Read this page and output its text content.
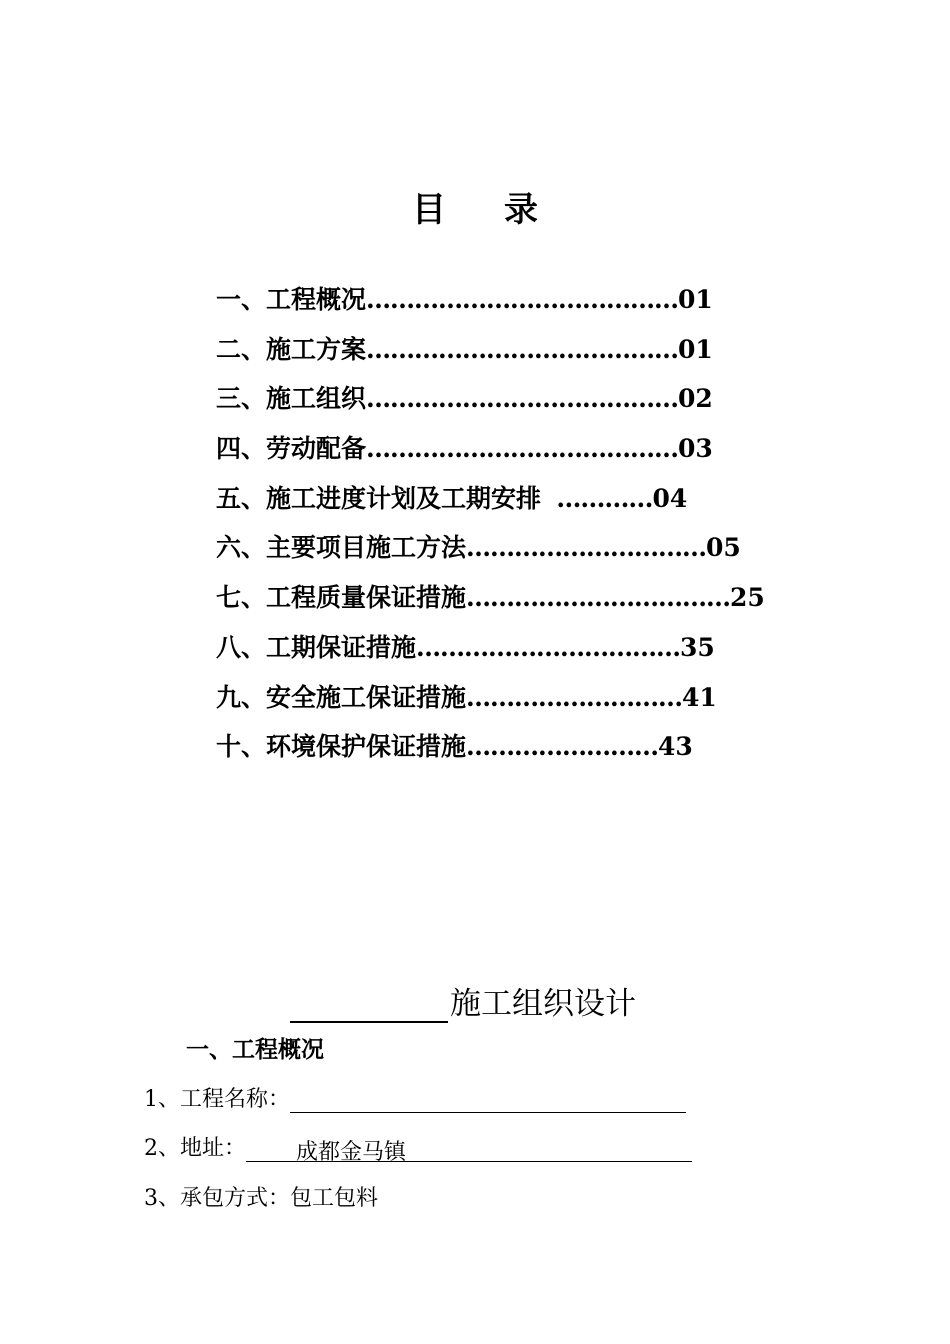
目 录
一、工程概况…………………………………01
二、施工方案…………………………………01
三、施工组织…………………………………02
四、劳动配备…………………………………03
五、施工进度计划及工期安排  …………04
六、主要项目施工方法…………………………05
七、工程质量保证措施……………………………25
八、工期保证措施……………………………35
九、安全施工保证措施………………………41
十、环境保护保证措施……………………43
施工组织设计
一、工程概况
1、工程名称：
2、地址： 成都金马镇
3、承包方式：包工包料
